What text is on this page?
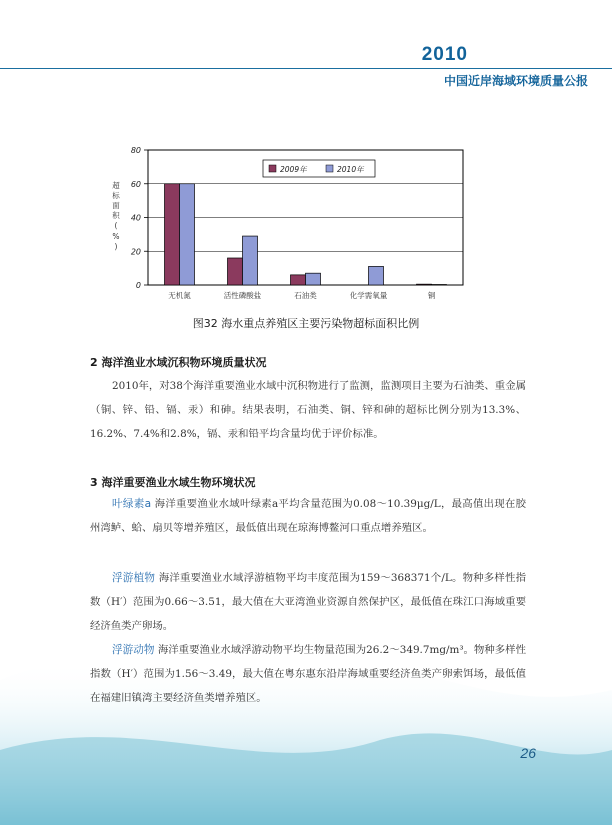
2010
中国近岸海域环境质量公报
0
20
40
60
80
超标面积( % )
无机氮	活性磷酸盐	石油类	化学需氧量	铜
2009年	2010年
图32 海水重点养殖区主要污染物超标面积比例
2 海洋渔业水域沉积物环境质量状况
2010年，对38个海洋重要渔业水域中沉积物进行了监测，监测项目主要为石油类、重金属（铜、锌、铅、镉、汞）和砷。结果表明，石油类、铜、锌和砷的超标比例分别为13.3%、16.2%、7.4%和2.8%，镉、汞和铅平均含量均优于评价标准。
3 海洋重要渔业水域生物环境状况
叶绿素a 海洋重要渔业水域叶绿素a平均含量范围为0.08～10.39μg/L，最高值出现在胶州湾鲈、蛤、扇贝等增养殖区，最低值出现在琼海博鳌河口重点增养殖区。
浮游植物 海洋重要渔业水域浮游植物平均丰度范围为159～368371个/L。物种多样性指数（H′）范围为0.66～3.51，最大值在大亚湾渔业资源自然保护区，最低值在珠江口海域重要经济鱼类产卵场。
浮游动物 海洋重要渔业水域浮游动物平均生物量范围为26.2～349.7mg/m³。物种多样性指数（H′）范围为1.56～3.49，最大值在粤东惠东沿岸海域重要经济鱼类产卵索饵场，最低值在福建旧镇湾主要经济鱼类增养殖区。
26
